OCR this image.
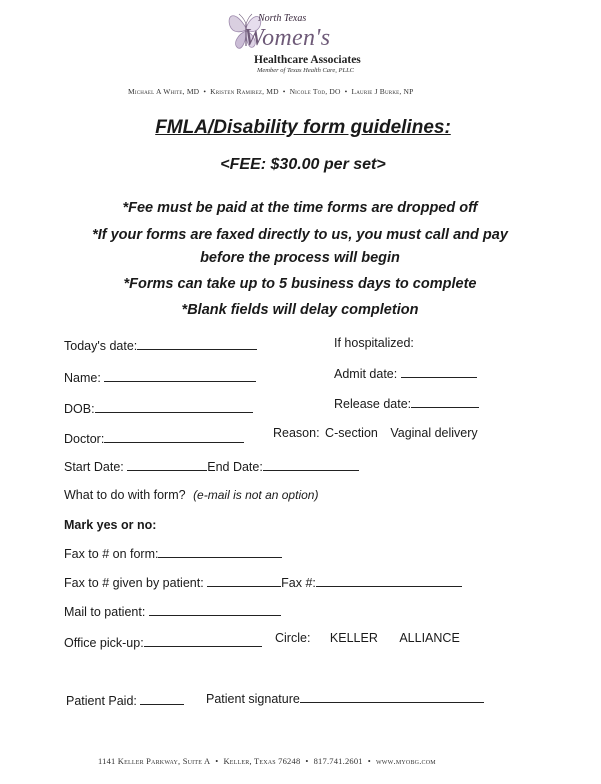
North Texas
Women's
Healthcare Associates
Member of Texas Health Care, PLLC
Michael A White, MD • Kristen Ramirez, MD • Nicole Tod, DO • Laurie J Burke, NP
FMLA/Disability form guidelines:
<FEE: $30.00 per set>
*Fee must be paid at the time forms are dropped off
*If your forms are faxed directly to us, you must call and pay
before the process will begin
*Forms can take up to 5 business days to complete
*Blank fields will delay completion
Today's date:	If hospitalized:
Name:	Admit date:
DOB:	Release date:
Doctor:	Reason: C-section Vaginal delivery
Start Date:	End Date:
What to do with form? (e-mail is not an option)
Mark yes or no:
Fax to # on form:
Fax to # given by patient:	Fax #:
Mail to patient:
Office pick-up:	Circle: KELLER ALLIANCE
Patient Paid:	Patient signature
1141 Keller Parkway, Suite A • Keller, Texas 76248 • 817.741.2601 • www.myobg.com
